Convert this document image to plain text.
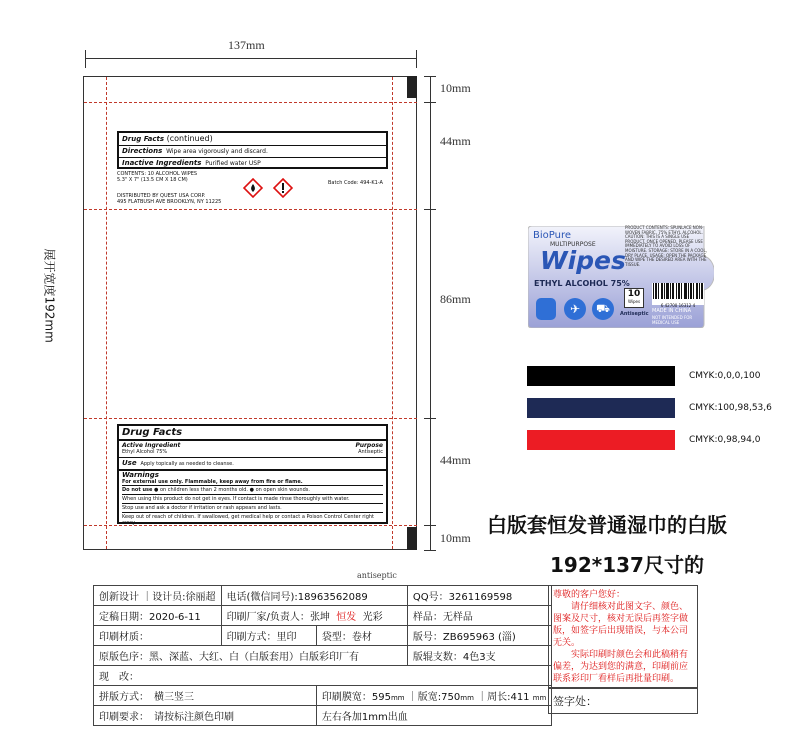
137mm
10mm
44mm
86mm
44mm
10mm
展开宽度192mm
Drug Facts (continued)
Directions Wipe area vigorously and discard.
Inactive Ingredients Purified water USP
CONTENTS: 10 ALCOHOL WIPES
5.3" X 7" (13.5 CM X 18 CM)
DISTRIBUTED BY QUEST USA CORP.
495 FLATBUSH AVE BROOKLYN, NY 11225
Batch Code: 494-K1-A
Drug Facts
Active Ingredient
Ethyl Alcohol 75%
Purpose
Antiseptic
Use Apply topically as needed to cleanse.
Warnings
For external use only. Flammable, keep away from fire or flame.
Do not use ● on children less than 2 months old. ● on open skin wounds.
When using this product do not get in eyes. If contact is made rinse thoroughly with water.
Stop use and ask a doctor if irritation or rash appears and lasts.
Keep out of reach of children. If swallowed, get medical help or contact a Poison Control Center right away.
BioPure
MULTIPURPOSE
Wipes
ETHYL ALCOHOL 75%
✈	⛟
PRODUCT CONTENTS: SPUNLACE NON-WOVEN FABRIC, 75% ETHYL ALCOHOL. CAUTION: THIS IS A SINGLE USE PRODUCT. ONCE OPENED, PLEASE USE IMMEDIATELY TO AVOID LOSS OF MOISTURE. STORAGE: STORE IN A COOL, DRY PLACE. USAGE: OPEN THE PACKAGE AND WIPE THE DESIRED AREA WITH THE TISSUE.
10
Wipes
Antiseptic
6 42700 16312 4
MADE IN CHINA
NOT INTENDED FOR MEDICAL USE
CMYK:0,0,0,100
CMYK:100,98,53,6
CMYK:0,98,94,0
白版套恒发普通湿巾的白版
192*137尺寸的
antiseptic
创新设计 ｜设计员:徐丽超	电话(微信同号):18963562089		QQ号：3261169598
定稿日期：2020-6-11	印刷厂家/负责人：张坤 恒发 光彩		样品：无样品
印刷材质：	印刷方式：里印	袋型：卷材	版号：ZB695963 (淄)
原版色序：黑、深蓝、大红、白（白版套用）白版彩印厂有			版辊支数：4色3支
现　改：			
拼版方式：　横三竖三		印刷膜宽：595mm ｜版宽:750mm ｜周长:411 mm	
印刷要求：　请按标注颜色印刷		左右各加1mm出血	
尊敬的客户您好：
请仔细核对此图文字、颜色、图案及尺寸，核对无误后再签字做版，如签字后出现错误，与本公司无关。
实际印刷时颜色会和此稿稍有偏差，为达到您的满意，印刷前应联系彩印厂看样后再批量印刷。
签字处：
